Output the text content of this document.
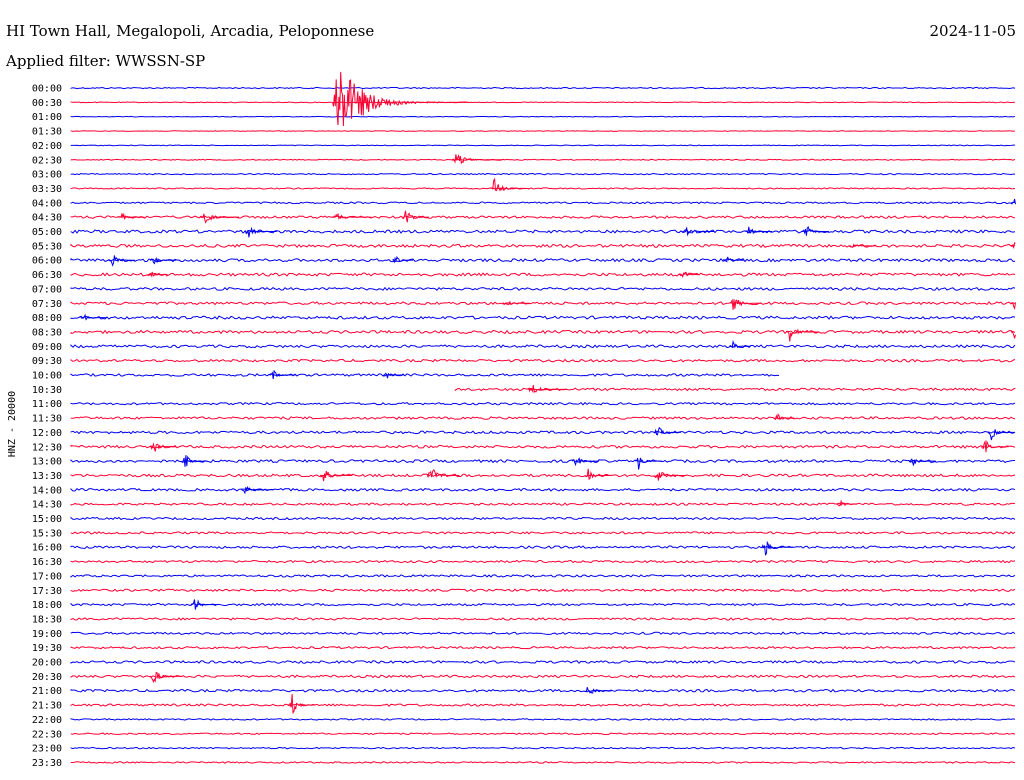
HI Town Hall, Megalopoli, Arcadia, Peloponnese	2024-11-05
Applied filter: WWSSN-SP
HNZ - 20000
00:00
00:30
01:00
01:30
02:00
02:30
03:00
03:30
04:00
04:30
05:00
05:30
06:00
06:30
07:00
07:30
08:00
08:30
09:00
09:30
10:00
10:30
11:00
11:30
12:00
12:30
13:00
13:30
14:00
14:30
15:00
15:30
16:00
16:30
17:00
17:30
18:00
18:30
19:00
19:30
20:00
20:30
21:00
21:30
22:00
22:30
23:00
23:30
